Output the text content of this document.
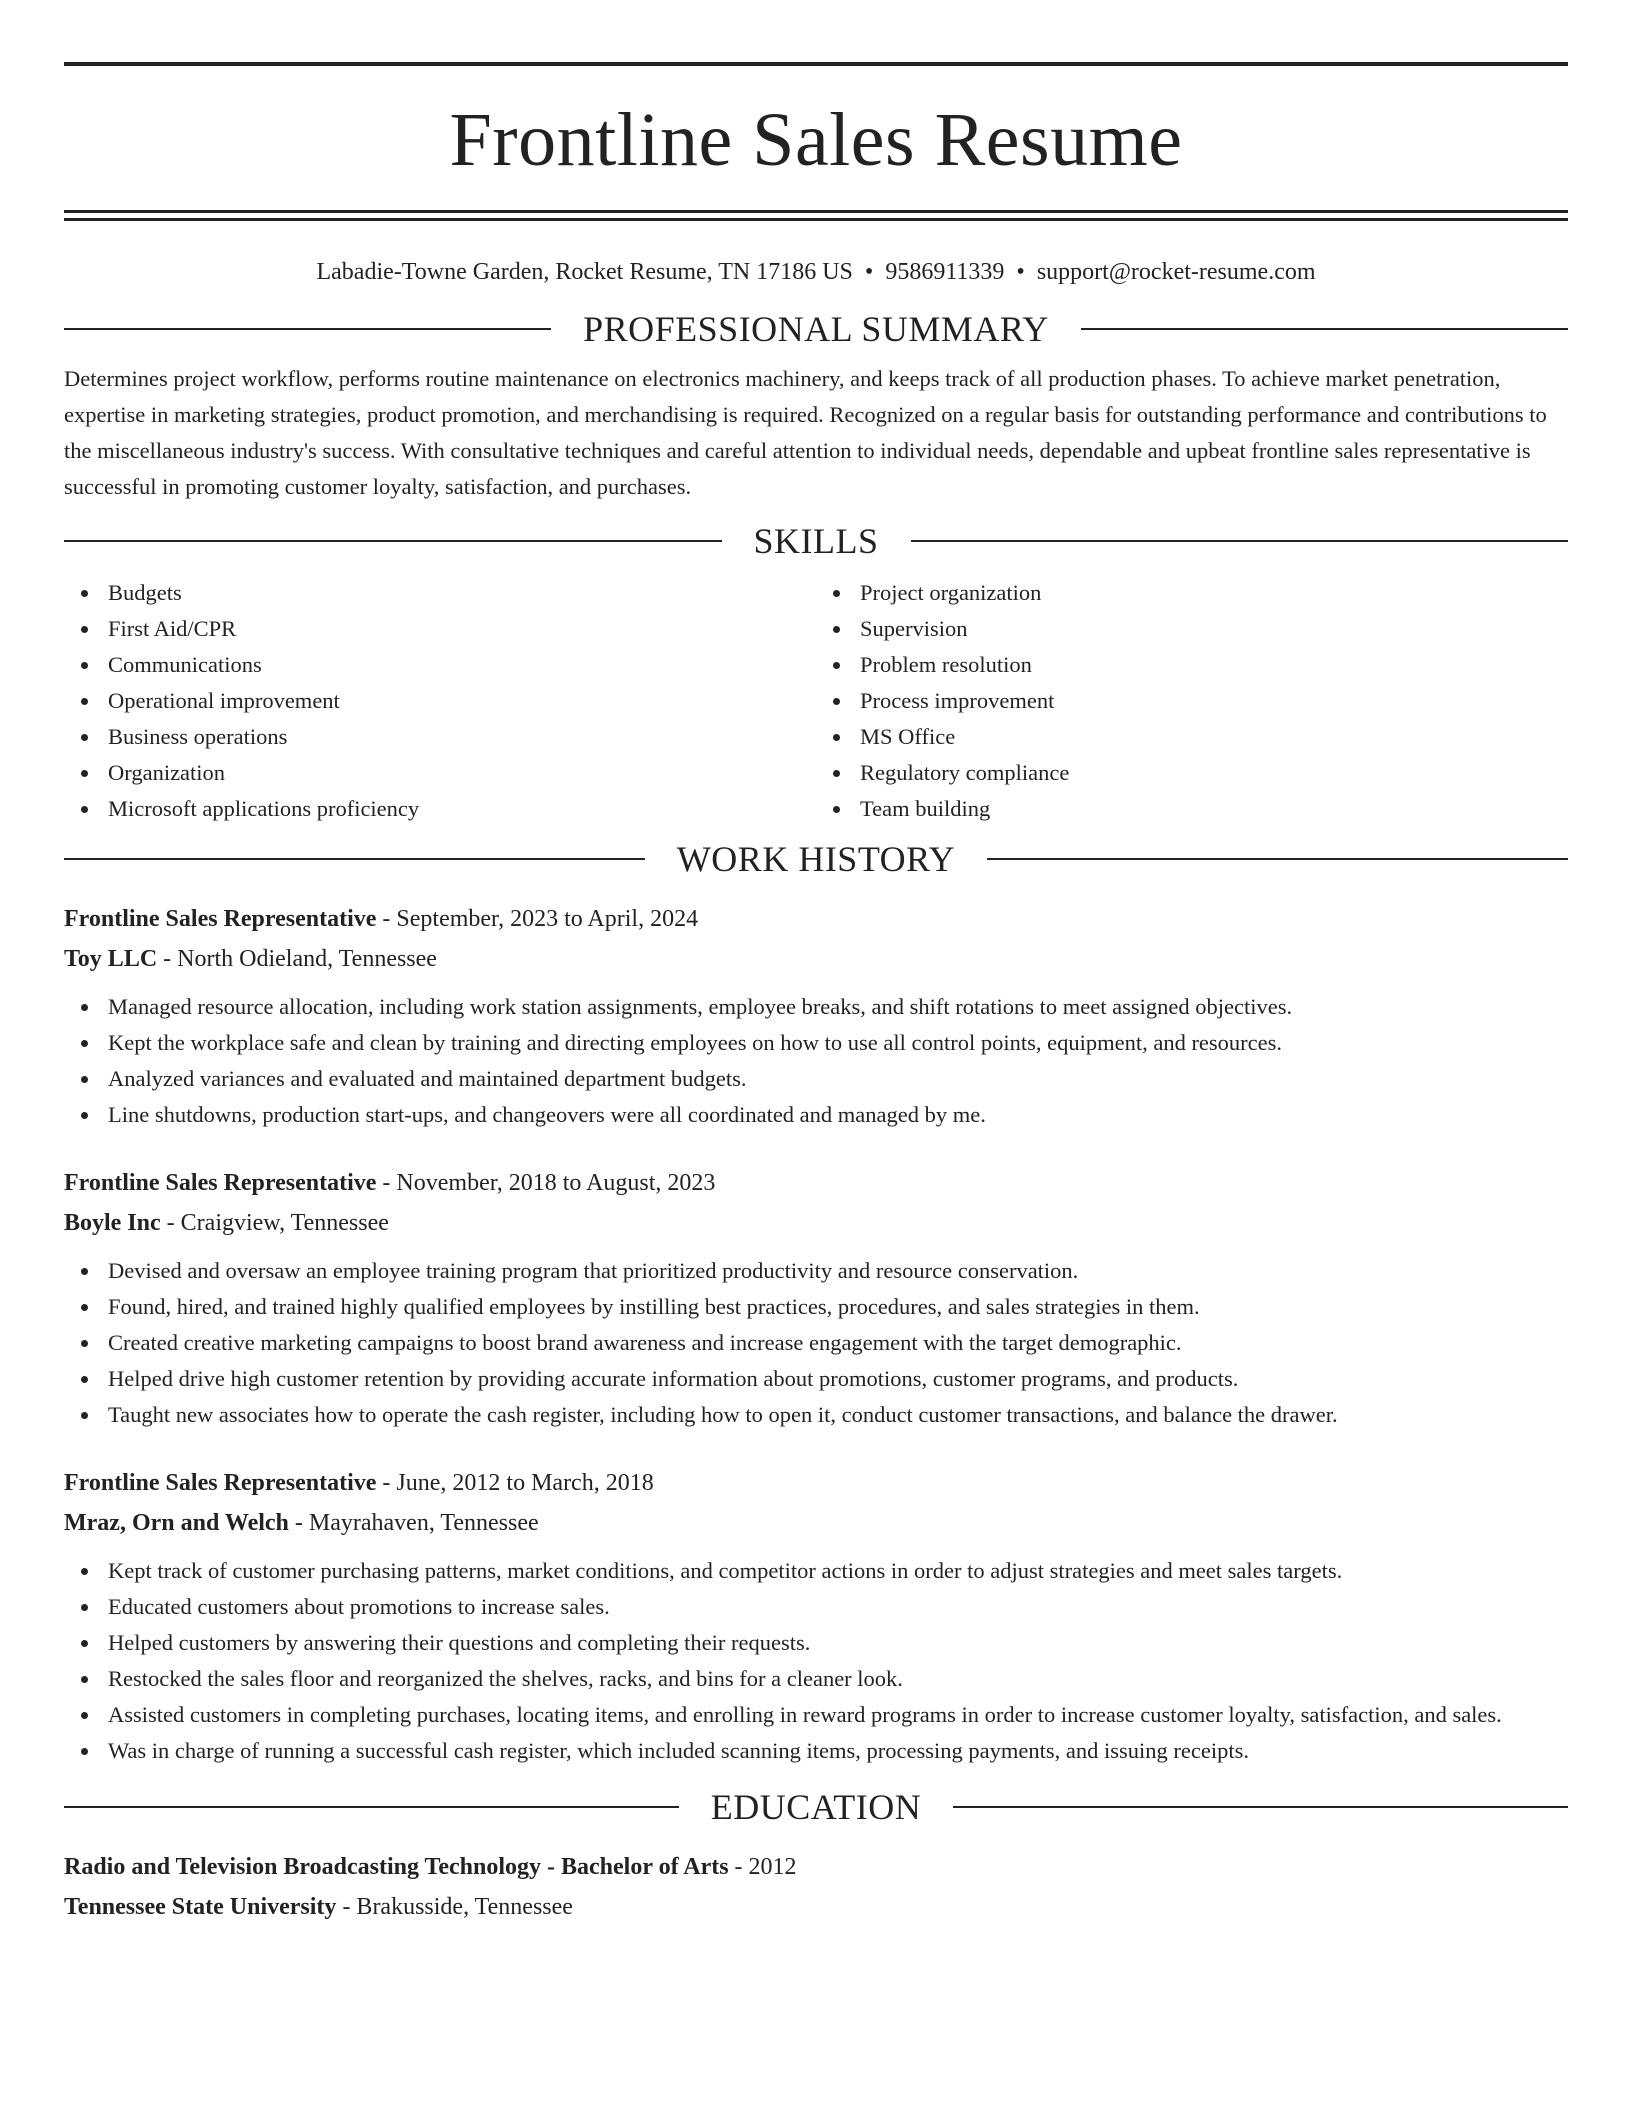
Frontline Sales Resume
Labadie-Towne Garden, Rocket Resume, TN 17186 US • 9586911339 • support@rocket-resume.com
PROFESSIONAL SUMMARY

Determines project workflow, performs routine maintenance on electronics machinery, and keeps track of all production phases. To achieve market penetration, expertise in marketing strategies, product promotion, and merchandising is required. Recognized on a regular basis for outstanding performance and contributions to the miscellaneous industry's success. With consultative techniques and careful attention to individual needs, dependable and upbeat frontline sales representative is successful in promoting customer loyalty, satisfaction, and purchases.

SKILLS
Budgets
First Aid/CPR
Communications
Operational improvement
Business operations
Organization
Microsoft applications proficiency
Project organization
Supervision
Problem resolution
Process improvement
MS Office
Regulatory compliance
Team building
WORK HISTORY

Frontline Sales Representative - September, 2023 to April, 2024

Toy LLC - North Odieland, Tennessee

Managed resource allocation, including work station assignments, employee breaks, and shift rotations to meet assigned objectives.
Kept the workplace safe and clean by training and directing employees on how to use all control points, equipment, and resources.
Analyzed variances and evaluated and maintained department budgets.
Line shutdowns, production start-ups, and changeovers were all coordinated and managed by me.

Frontline Sales Representative - November, 2018 to August, 2023

Boyle Inc - Craigview, Tennessee

Devised and oversaw an employee training program that prioritized productivity and resource conservation.
Found, hired, and trained highly qualified employees by instilling best practices, procedures, and sales strategies in them.
Created creative marketing campaigns to boost brand awareness and increase engagement with the target demographic.
Helped drive high customer retention by providing accurate information about promotions, customer programs, and products.
Taught new associates how to operate the cash register, including how to open it, conduct customer transactions, and balance the drawer.

Frontline Sales Representative - June, 2012 to March, 2018

Mraz, Orn and Welch - Mayrahaven, Tennessee

Kept track of customer purchasing patterns, market conditions, and competitor actions in order to adjust strategies and meet sales targets.
Educated customers about promotions to increase sales.
Helped customers by answering their questions and completing their requests.
Restocked the sales floor and reorganized the shelves, racks, and bins for a cleaner look.
Assisted customers in completing purchases, locating items, and enrolling in reward programs in order to increase customer loyalty, satisfaction, and sales.
Was in charge of running a successful cash register, which included scanning items, processing payments, and issuing receipts.
EDUCATION

Radio and Television Broadcasting Technology - Bachelor of Arts - 2012

Tennessee State University - Brakusside, Tennessee
